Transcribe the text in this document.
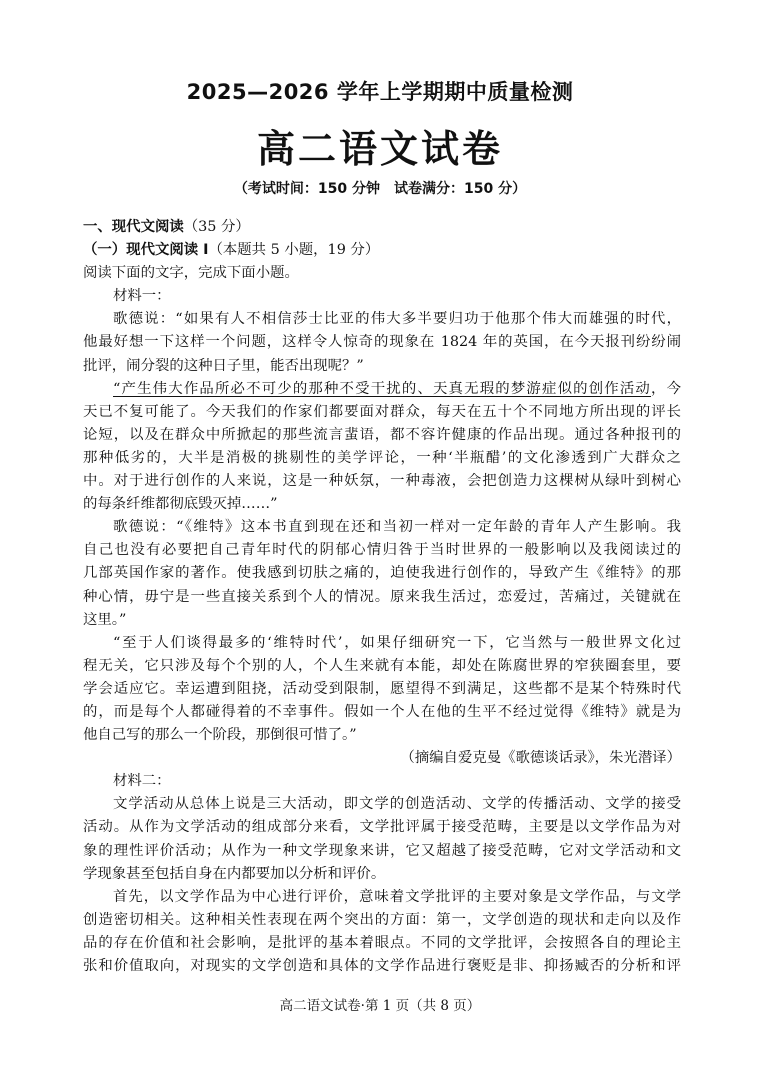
2025—2026 学年上学期期中质量检测
高二语文试卷
（考试时间：150 分钟　试卷满分：150 分）
一、现代文阅读（35 分）
（一）现代文阅读 I（本题共 5 小题，19 分）
阅读下面的文字，完成下面小题。
材料一：
歌德说：“如果有人不相信莎士比亚的伟大多半要归功于他那个伟大而雄强的时代，
他最好想一下这样一个问题，这样令人惊奇的现象在 1824 年的英国，在今天报刊纷纷闹
批评，闹分裂的这种日子里，能否出现呢？”
“产生伟大作品所必不可少的那种不受干扰的、天真无瑕的梦游症似的创作活动，今
天已不复可能了。今天我们的作家们都要面对群众，每天在五十个不同地方所出现的评长
论短，以及在群众中所掀起的那些流言蜚语，都不容许健康的作品出现。通过各种报刊的
那种低劣的，大半是消极的挑剔性的美学评论，一种‘半瓶醋’的文化渗透到广大群众之
中。对于进行创作的人来说，这是一种妖氛，一种毒液，会把创造力这棵树从绿叶到树心
的每条纤维都彻底毁灭掉……”
歌德说：“《维特》这本书直到现在还和当初一样对一定年龄的青年人产生影响。我
自己也没有必要把自己青年时代的阴郁心情归咎于当时世界的一般影响以及我阅读过的
几部英国作家的著作。使我感到切肤之痛的，迫使我进行创作的，导致产生《维特》的那
种心情，毋宁是一些直接关系到个人的情况。原来我生活过，恋爱过，苦痛过，关键就在
这里。”
“至于人们谈得最多的‘维特时代’，如果仔细研究一下，它当然与一般世界文化过
程无关，它只涉及每个个别的人，个人生来就有本能，却处在陈腐世界的窄狭圈套里，要
学会适应它。幸运遭到阻挠，活动受到限制，愿望得不到满足，这些都不是某个特殊时代
的，而是每个人都碰得着的不幸事件。假如一个人在他的生平不经过觉得《维特》就是为
他自己写的那么一个阶段，那倒很可惜了。”
（摘编自爱克曼《歌德谈话录》，朱光潜译）
材料二：
文学活动从总体上说是三大活动，即文学的创造活动、文学的传播活动、文学的接受
活动。从作为文学活动的组成部分来看，文学批评属于接受范畴，主要是以文学作品为对
象的理性评价活动；从作为一种文学现象来讲，它又超越了接受范畴，它对文学活动和文
学现象甚至包括自身在内都要加以分析和评价。
首先，以文学作品为中心进行评价，意味着文学批评的主要对象是文学作品，与文学
创造密切相关。这种相关性表现在两个突出的方面：第一，文学创造的现状和走向以及作
品的存在价值和社会影响，是批评的基本着眼点。不同的文学批评，会按照各自的理论主
张和价值取向，对现实的文学创造和具体的文学作品进行褒贬是非、抑扬臧否的分析和评
高二语文试卷·第 1 页（共 8 页）
